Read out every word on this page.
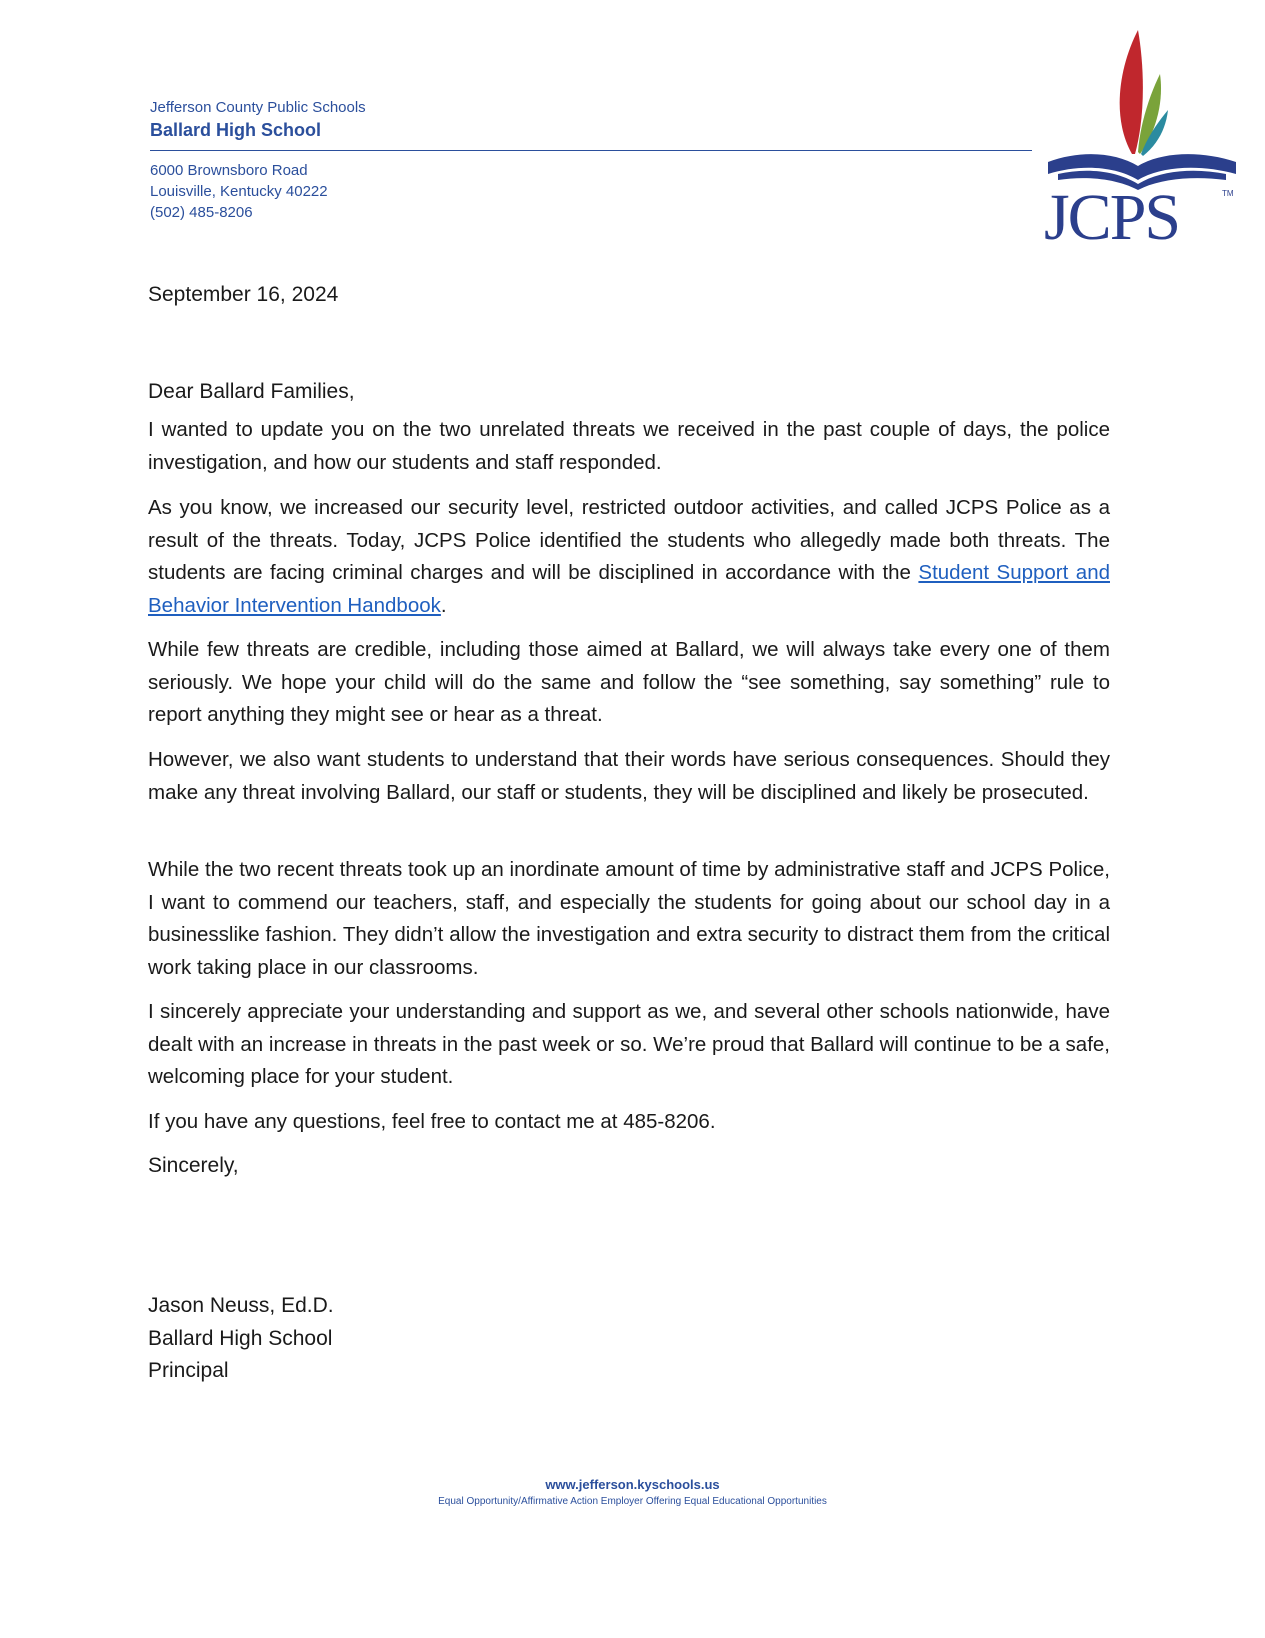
Jefferson County Public Schools
Ballard High School
6000 Brownsboro Road
Louisville, Kentucky 40222
(502) 485-8206	JCPS	TM
September 16, 2024
Dear Ballard Families,

I wanted to update you on the two unrelated threats we received in the past couple of days, the police investigation, and how our students and staff responded.

As you know, we increased our security level, restricted outdoor activities, and called JCPS Police as a result of the threats. Today, JCPS Police identified the students who allegedly made both threats. The students are facing criminal charges and will be disciplined in accordance with the Student Support and Behavior Intervention Handbook.

While few threats are credible, including those aimed at Ballard, we will always take every one of them seriously. We hope your child will do the same and follow the “see something, say something” rule to report anything they might see or hear as a threat.

However, we also want students to understand that their words have serious consequences. Should they make any threat involving Ballard, our staff or students, they will be disciplined and likely be prosecuted.

While the two recent threats took up an inordinate amount of time by administrative staff and JCPS Police, I want to commend our teachers, staff, and especially the students for going about our school day in a businesslike fashion. They didn’t allow the investigation and extra security to distract them from the critical work taking place in our classrooms.

I sincerely appreciate your understanding and support as we, and several other schools nationwide, have dealt with an increase in threats in the past week or so. We’re proud that Ballard will continue to be a safe, welcoming place for your student.

If you have any questions, feel free to contact me at 485-8206.

Sincerely,
Jason Neuss, Ed.D.
Ballard High School
Principal
www.jefferson.kyschools.us
Equal Opportunity/Affirmative Action Employer Offering Equal Educational Opportunities
